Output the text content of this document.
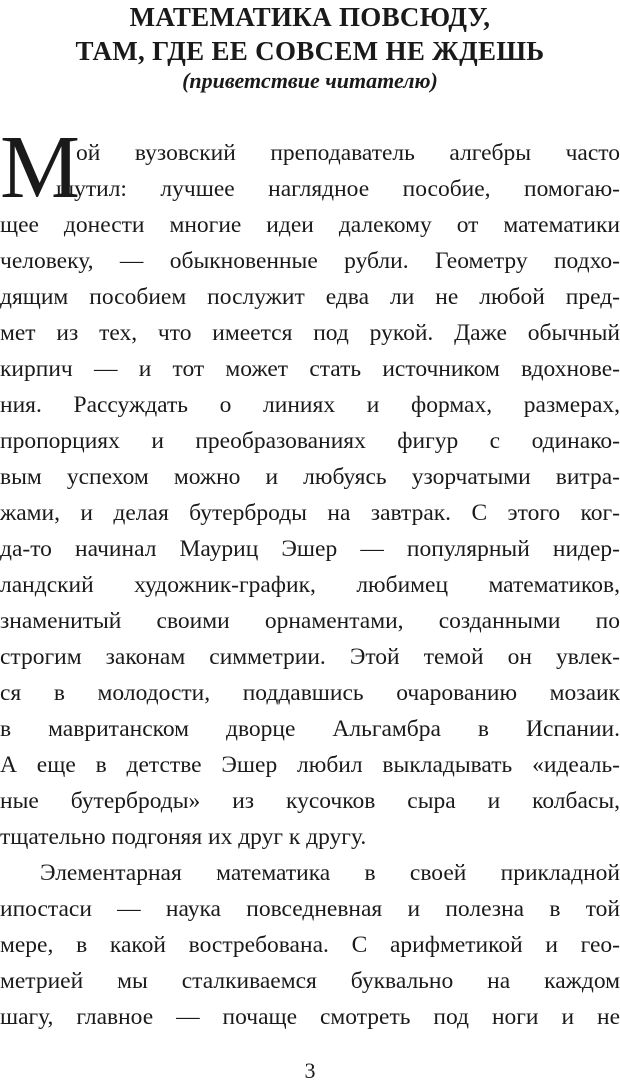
МАТЕМАТИКА ПОВСЮДУ,
ТАМ, ГДЕ ЕЕ СОВСЕМ НЕ ЖДЕШЬ
(приветствие читателю)
М
ой вузовский преподаватель алгебры часто
шутил: лучшее наглядное пособие, помогаю-
щее донести многие идеи далекому от математики
человеку, — обыкновенные рубли. Геометру подхо-
дящим пособием послужит едва ли не любой пред-
мет из тех, что имеется под рукой. Даже обычный
кирпич — и тот может стать источником вдохнове-
ния. Рассуждать о линиях и формах, размерах,
пропорциях и преобразованиях фигур с одинако-
вым успехом можно и любуясь узорчатыми витра-
жами, и делая бутерброды на завтрак. С этого ког-
да-то начинал Мауриц Эшер — популярный нидер-
ландский художник-график, любимец математиков,
знаменитый своими орнаментами, созданными по
строгим законам симметрии. Этой темой он увлек-
ся в молодости, поддавшись очарованию мозаик
в мавританском дворце Альгамбра в Испании.
А еще в детстве Эшер любил выкладывать «идеаль-
ные бутерброды» из кусочков сыра и колбасы,
тщательно подгоняя их друг к другу.
Элементарная математика в своей прикладной
ипостаси — наука повседневная и полезна в той
мере, в какой востребована. С арифметикой и гео-
метрией мы сталкиваемся буквально на каждом
шагу, главное — почаще смотреть под ноги и не
3
